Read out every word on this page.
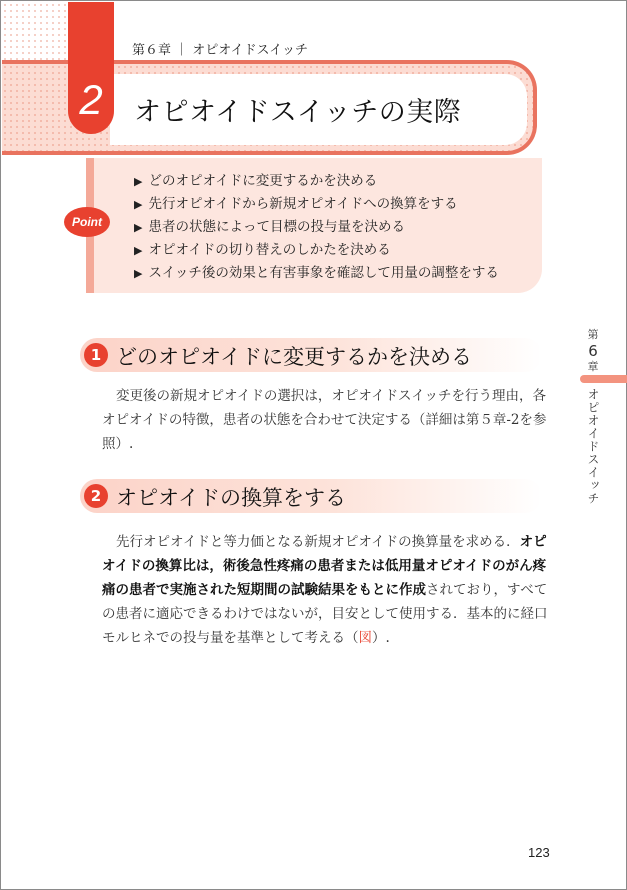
2
第６章 ｜ オピオイドスイッチ
オピオイドスイッチの実際
Point
▶ どのオピオイドに変更するかを決める
▶ 先行オピオイドから新規オピオイドへの換算をする
▶ 患者の状態によって目標の投与量を決める
▶ オピオイドの切り替えのしかたを決める
▶ スイッチ後の効果と有害事象を確認して用量の調整をする
1 どのオピオイドに変更するかを決める
変更後の新規オピオイドの選択は，オピオイドスイッチを行う理由，各
オピオイドの特徴，患者の状態を合わせて決定する（詳細は第５章-2を参
照）.
2 オピオイドの換算をする
先行オピオイドと等力価となる新規オピオイドの換算量を求める．オピ
オイドの換算比は，術後急性疼痛の患者または低用量オピオイドのがん疼
痛の患者で実施された短期間の試験結果をもとに作成されており，すべて
の患者に適応できるわけではないが，目安として使用する．基本的に経口
モルヒネでの投与量を基準として考える（図）.
第
6
章
オピオイドスイッチ
123
